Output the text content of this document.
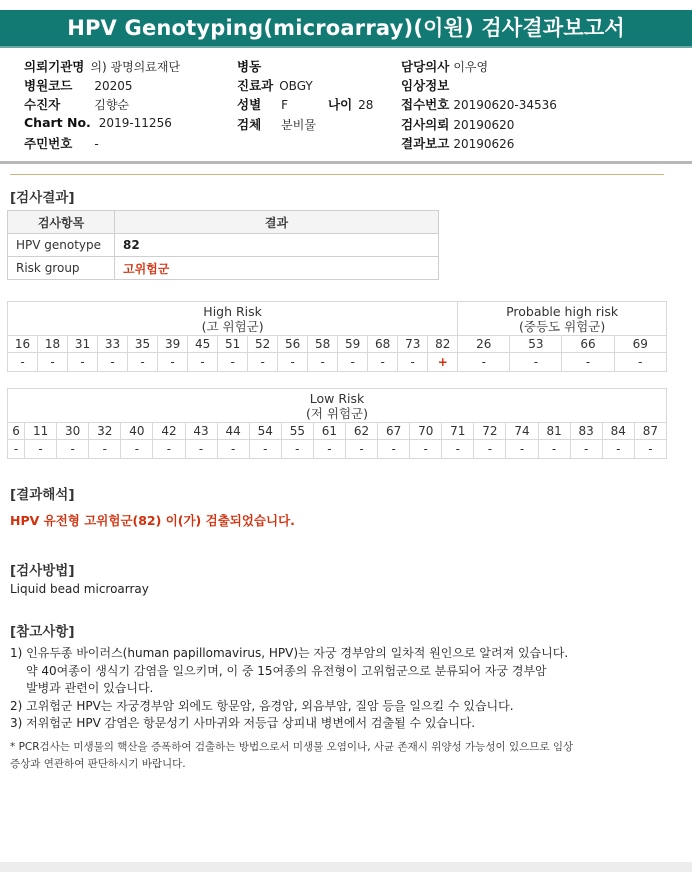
HPV Genotyping(microarray)(이원) 검사결과보고서
의뢰기관명 의) 광명의료재단
병원코드 20205
수진자	김향순
Chart No. 2019-11256
주민번호 -
병동
진료과 OBGY
성별 F	나이 28
검체 분비물
담당의사 이우영
임상정보
접수번호 20190620-34536
검사의뢰 20190620
결과보고 20190626
[검사결과]
검사항목	결과
HPV genotype	82
Risk group	고위험군
High Risk
(고 위험군)															Probable high risk
(중등도 위험군)			
16	18	31	33	35	39	45	51	52	56	58	59	68	73	82	26	53	66	69
-	-	-	-	-	-	-	-	-	-	-	-	-	-	+	-	-	-	-
Low Risk
(저 위험군)																				
6	11	30	32	40	42	43	44	54	55	61	62	67	70	71	72	74	81	83	84	87
-	-	-	-	-	-	-	-	-	-	-	-	-	-	-	-	-	-	-	-	-
[결과해석]
HPV 유전형 고위험군(82) 이(가) 검출되었습니다.
[검사방법]
Liquid bead microarray
[참고사항]
1) 인유두종 바이러스(human papillomavirus, HPV)는 자궁 경부암의 일차적 원인으로 알려져 있습니다.
약 40여종이 생식기 감염을 일으키며, 이 중 15여종의 유전형이 고위험군으로 분류되어 자궁 경부암
발병과 관련이 있습니다.
2) 고위험군 HPV는 자궁경부암 외에도 항문암, 음경암, 외음부암, 질암 등을 일으킬 수 있습니다.
3) 저위험군 HPV 감염은 항문성기 사마귀와 저등급 상피내 병변에서 검출될 수 있습니다.
* PCR검사는 미생물의 핵산을 증폭하여 검출하는 방법으로서 미생물 오염이나, 사균 존재시 위양성 가능성이 있으므로 임상
증상과 연관하여 판단하시기 바랍니다.
